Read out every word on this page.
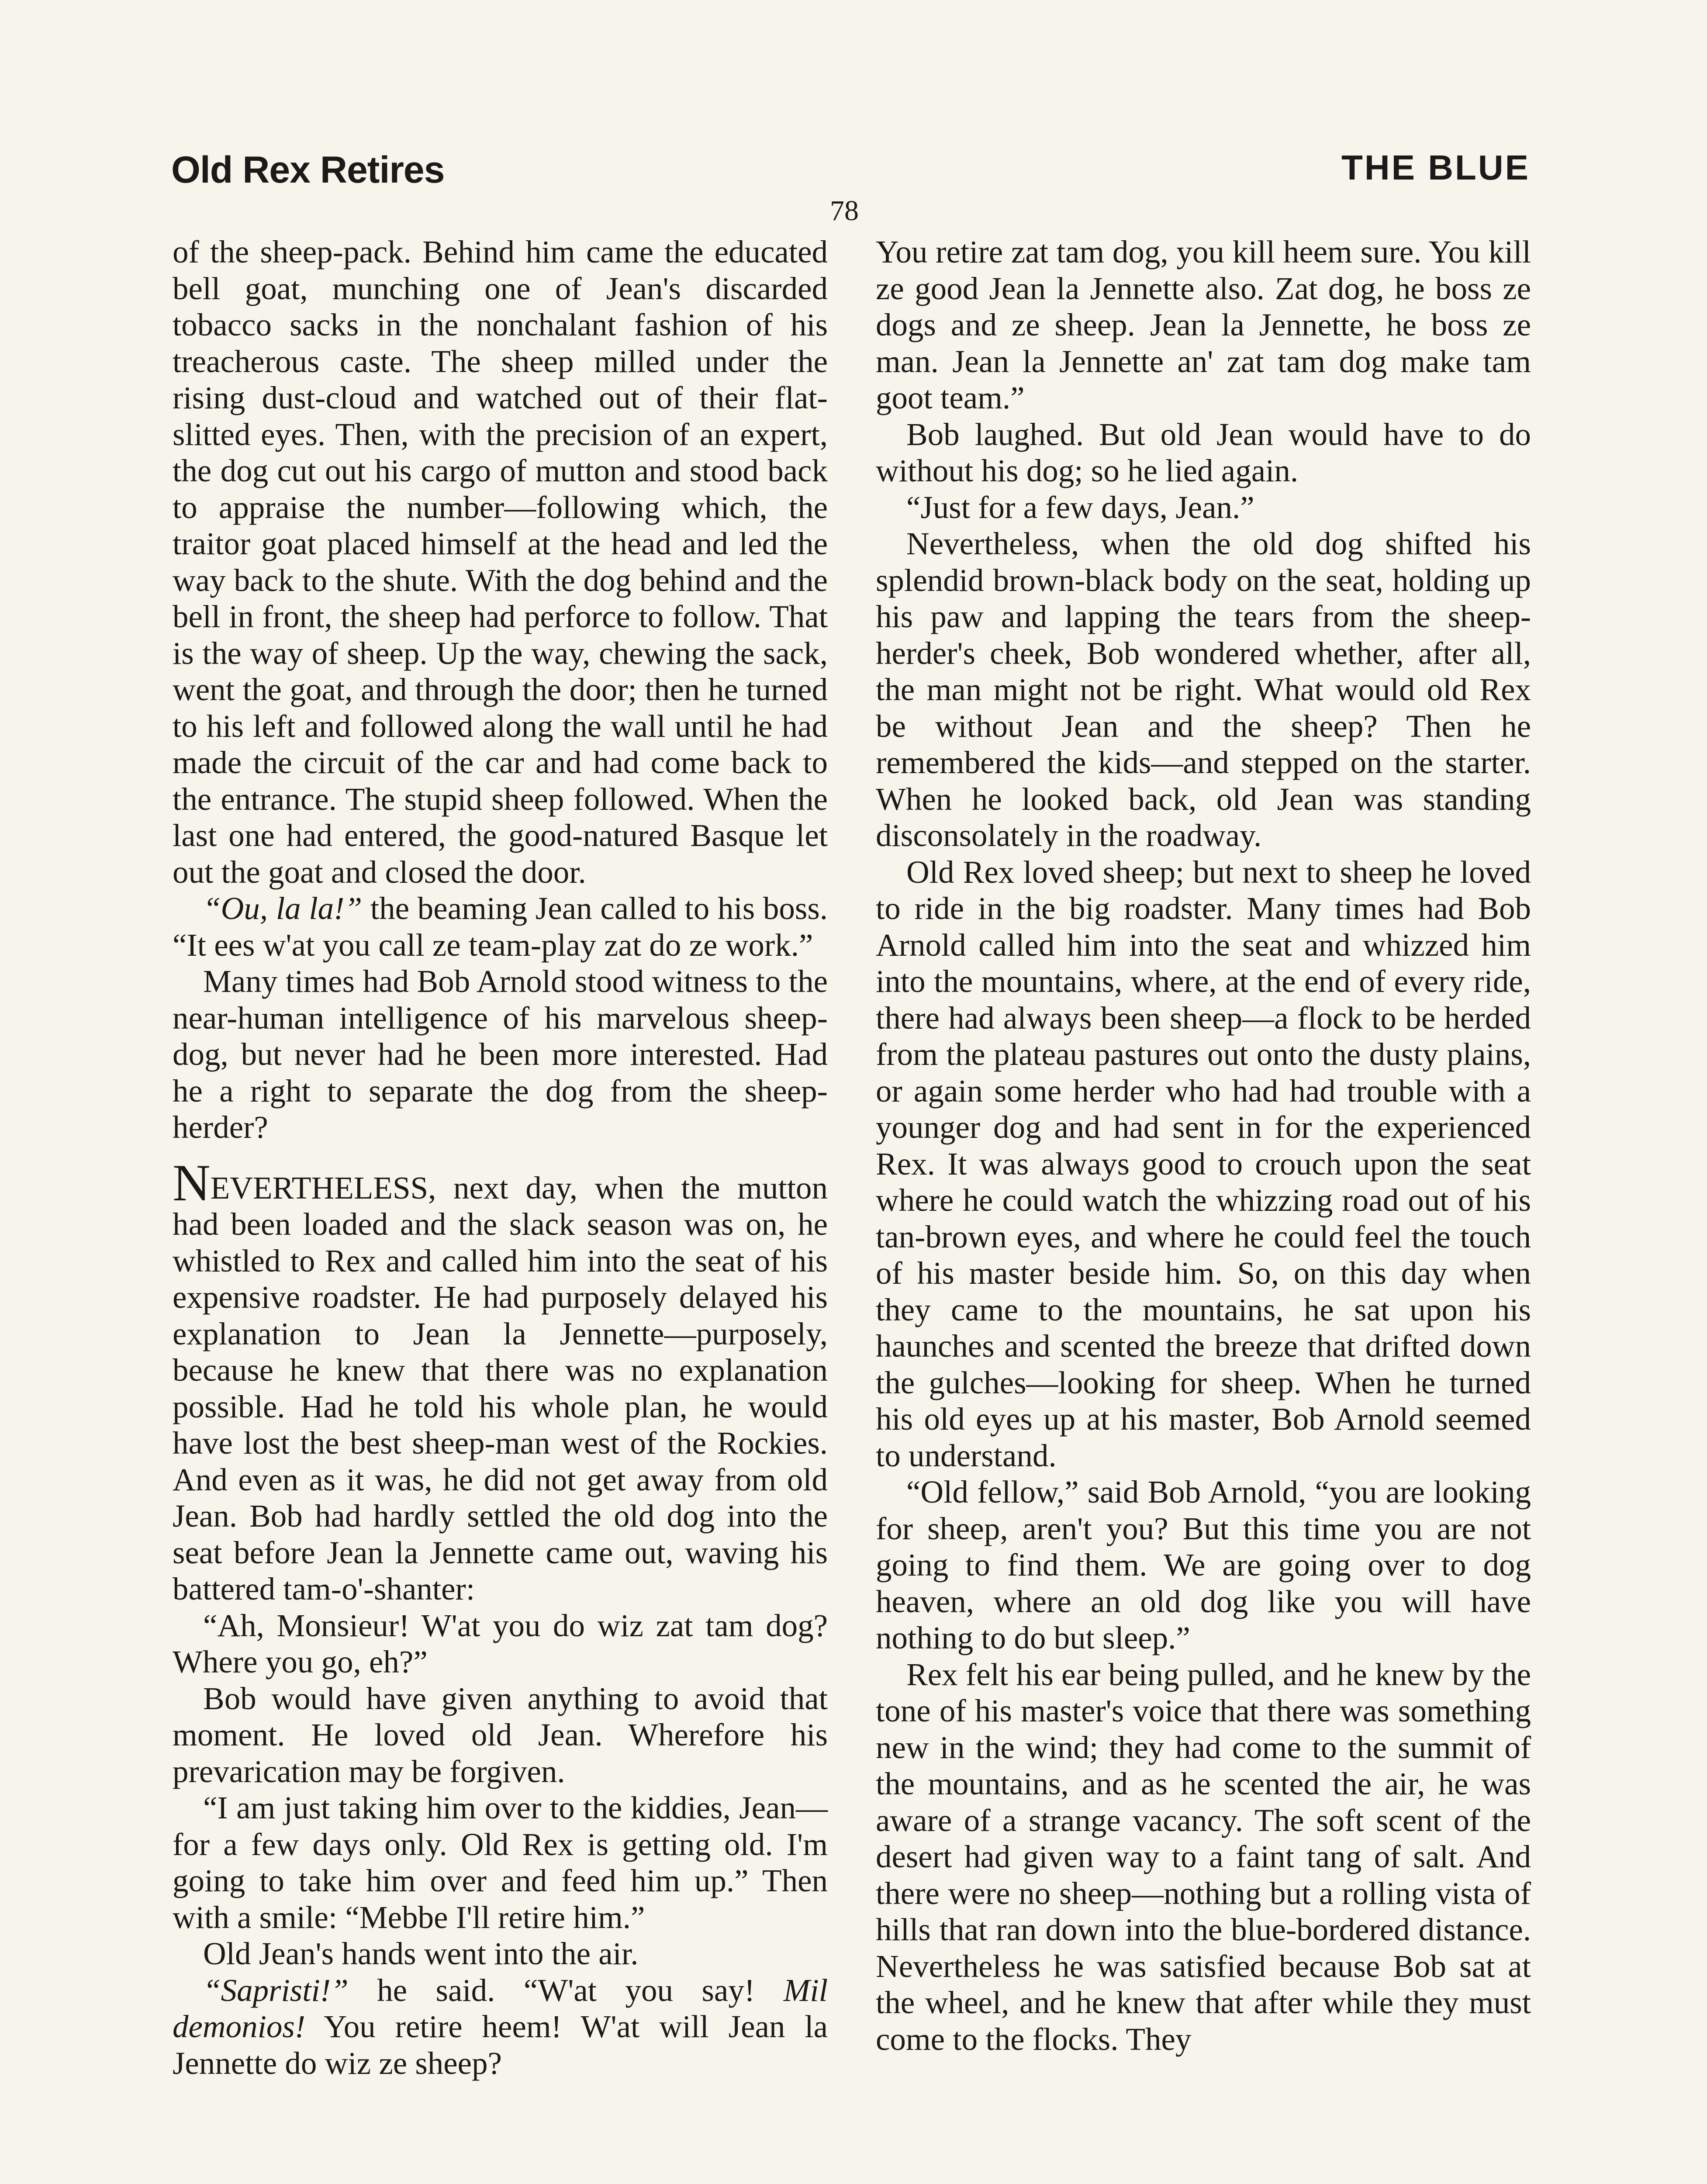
Old Rex Retires	THE BLUE
78

of the sheep-pack. Behind him came the educated bell goat, munching one of Jean's discarded tobacco sacks in the nonchalant fashion of his treacherous caste. The sheep milled under the rising dust-cloud and watched out of their flat-slitted eyes. Then, with the precision of an expert, the dog cut out his cargo of mutton and stood back to appraise the number—following which, the traitor goat placed himself at the head and led the way back to the shute. With the dog behind and the bell in front, the sheep had perforce to follow. That is the way of sheep. Up the way, chewing the sack, went the goat, and through the door; then he turned to his left and followed along the wall until he had made the circuit of the car and had come back to the entrance. The stupid sheep followed. When the last one had entered, the good-natured Basque let out the goat and closed the door.

“Ou, la la!” the beaming Jean called to his boss. “It ees w'at you call ze team-play zat do ze work.”

Many times had Bob Arnold stood witness to the near-human intelligence of his marvelous sheep-dog, but never had he been more interested. Had he a right to separate the dog from the sheep-herder?

NEVERTHELESS, next day, when the mutton had been loaded and the slack season was on, he whistled to Rex and called him into the seat of his expensive roadster. He had purposely delayed his explanation to Jean la Jennette—purposely, because he knew that there was no explanation possible. Had he told his whole plan, he would have lost the best sheep-man west of the Rockies. And even as it was, he did not get away from old Jean. Bob had hardly settled the old dog into the seat before Jean la Jennette came out, waving his battered tam-o'-shanter:

“Ah, Monsieur! W'at you do wiz zat tam dog? Where you go, eh?”

Bob would have given anything to avoid that moment. He loved old Jean. Wherefore his prevarication may be forgiven.

“I am just taking him over to the kiddies, Jean—for a few days only. Old Rex is getting old. I'm going to take him over and feed him up.” Then with a smile: “Mebbe I'll retire him.”

Old Jean's hands went into the air.

“Sapristi!” he said. “W'at you say! Mil demonios! You retire heem! W'at will Jean la Jennette do wiz ze sheep?

You retire zat tam dog, you kill heem sure. You kill ze good Jean la Jennette also. Zat dog, he boss ze dogs and ze sheep. Jean la Jennette, he boss ze man. Jean la Jennette an' zat tam dog make tam goot team.”

Bob laughed. But old Jean would have to do without his dog; so he lied again.

“Just for a few days, Jean.”

Nevertheless, when the old dog shifted his splendid brown-black body on the seat, holding up his paw and lapping the tears from the sheep-herder's cheek, Bob wondered whether, after all, the man might not be right. What would old Rex be without Jean and the sheep? Then he remembered the kids—and stepped on the starter. When he looked back, old Jean was standing disconsolately in the roadway.

Old Rex loved sheep; but next to sheep he loved to ride in the big roadster. Many times had Bob Arnold called him into the seat and whizzed him into the mountains, where, at the end of every ride, there had always been sheep—a flock to be herded from the plateau pastures out onto the dusty plains, or again some herder who had had trouble with a younger dog and had sent in for the experienced Rex. It was always good to crouch upon the seat where he could watch the whizzing road out of his tan-brown eyes, and where he could feel the touch of his master beside him. So, on this day when they came to the mountains, he sat upon his haunches and scented the breeze that drifted down the gulches—looking for sheep. When he turned his old eyes up at his master, Bob Arnold seemed to understand.

“Old fellow,” said Bob Arnold, “you are looking for sheep, aren't you? But this time you are not going to find them. We are going over to dog heaven, where an old dog like you will have nothing to do but sleep.”

Rex felt his ear being pulled, and he knew by the tone of his master's voice that there was something new in the wind; they had come to the summit of the mountains, and as he scented the air, he was aware of a strange vacancy. The soft scent of the desert had given way to a faint tang of salt. And there were no sheep—nothing but a rolling vista of hills that ran down into the blue-bordered distance. Nevertheless he was satisfied because Bob sat at the wheel, and he knew that after while they must come to the flocks. They
